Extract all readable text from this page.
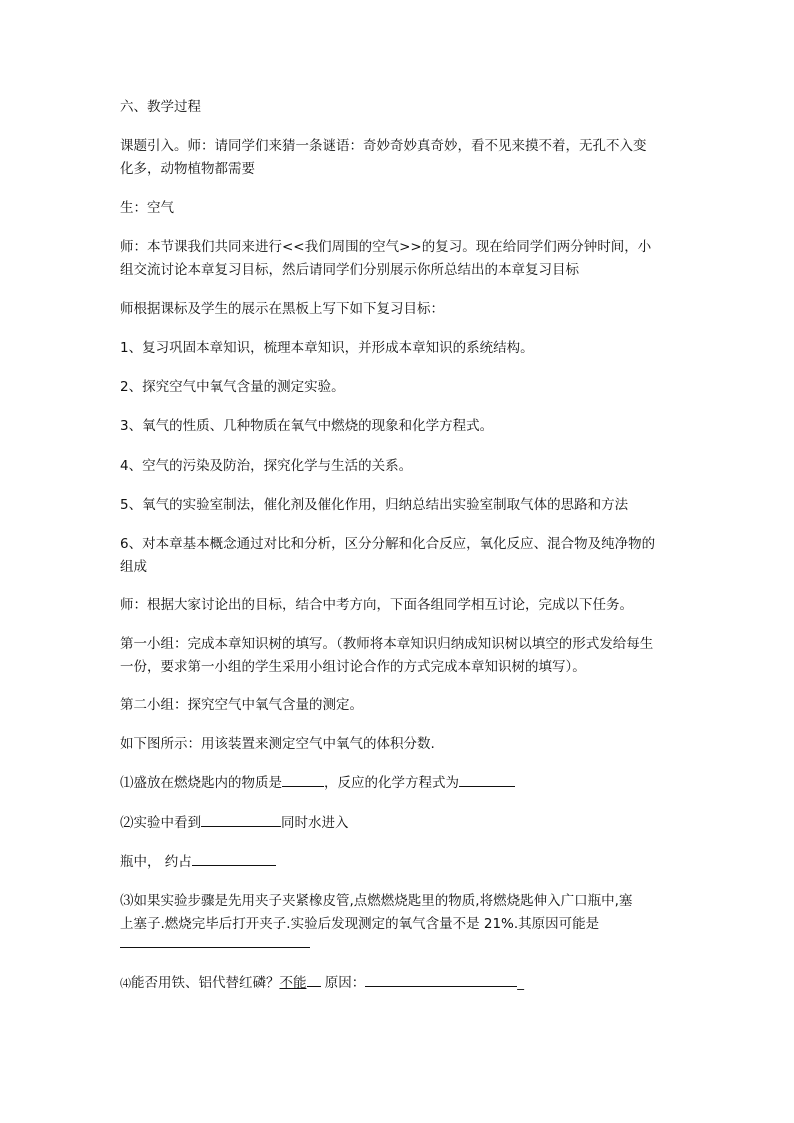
六、教学过程

课题引入。师：请同学们来猜一条谜语：奇妙奇妙真奇妙，看不见来摸不着，无孔不入变
化多，动物植物都需要

生：空气

师：本节课我们共同来进行<<我们周围的空气>>的复习。现在给同学们两分钟时间，小
组交流讨论本章复习目标，然后请同学们分别展示你所总结出的本章复习目标

师根据课标及学生的展示在黑板上写下如下复习目标：

1、复习巩固本章知识，梳理本章知识，并形成本章知识的系统结构。

2、探究空气中氧气含量的测定实验。

3、氧气的性质、几种物质在氧气中燃烧的现象和化学方程式。

4、空气的污染及防治，探究化学与生活的关系。

5、氧气的实验室制法，催化剂及催化作用，归纳总结出实验室制取气体的思路和方法

6、对本章基本概念通过对比和分析，区分分解和化合反应，氧化反应、混合物及纯净物的
组成

师：根据大家讨论出的目标，结合中考方向，下面各组同学相互讨论，完成以下任务。

第一小组：完成本章知识树的填写。（教师将本章知识归纳成知识树以填空的形式发给每生
一份，要求第一小组的学生采用小组讨论合作的方式完成本章知识树的填写）。

第二小组：探究空气中氧气含量的测定。

如下图所示：用该装置来测定空气中氧气的体积分数.

⑴盛放在燃烧匙内的物质是	，反应的化学方程式为

⑵实验中看到	同时水进入

瓶中， 约占

⑶如果实验步骤是先用夹子夹紧橡皮管,点燃燃烧匙里的物质,将燃烧匙伸入广口瓶中,塞
上塞子.燃烧完毕后打开夹子.实验后发现测定的氧气含量不是 21%.其原因可能是

⑷能否用铁、铝代替红磷？不能 原因：	_
